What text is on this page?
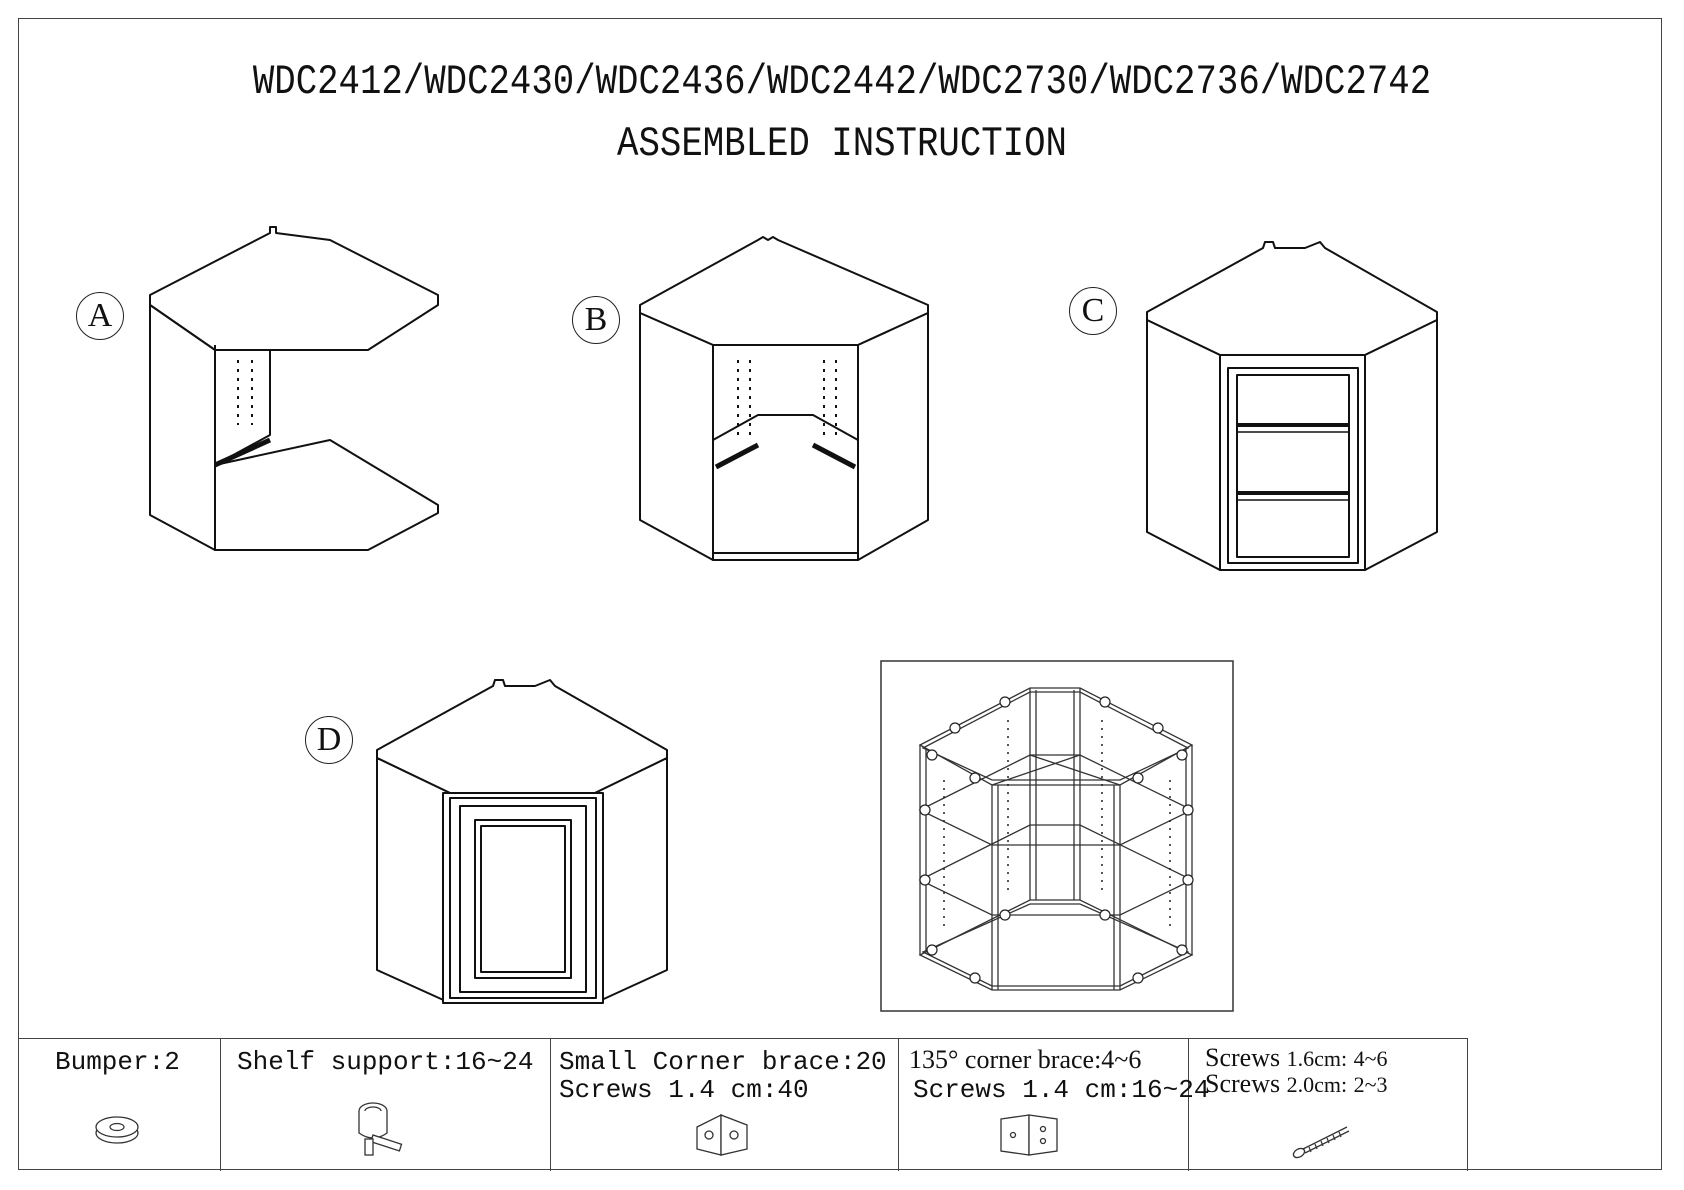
WDC2412/WDC2430/WDC2436/WDC2442/WDC2730/WDC2736/WDC2742
ASSEMBLED INSTRUCTION
A	B	C
D
Bumper:2 Shelf support:16~24 Small Corner brace:20
Screws 1.4 cm:40
135° corner brace:4~6
Screws 1.4 cm:16~24
Screws 1.6cm: 4~6
Screws 2.0cm: 2~3
